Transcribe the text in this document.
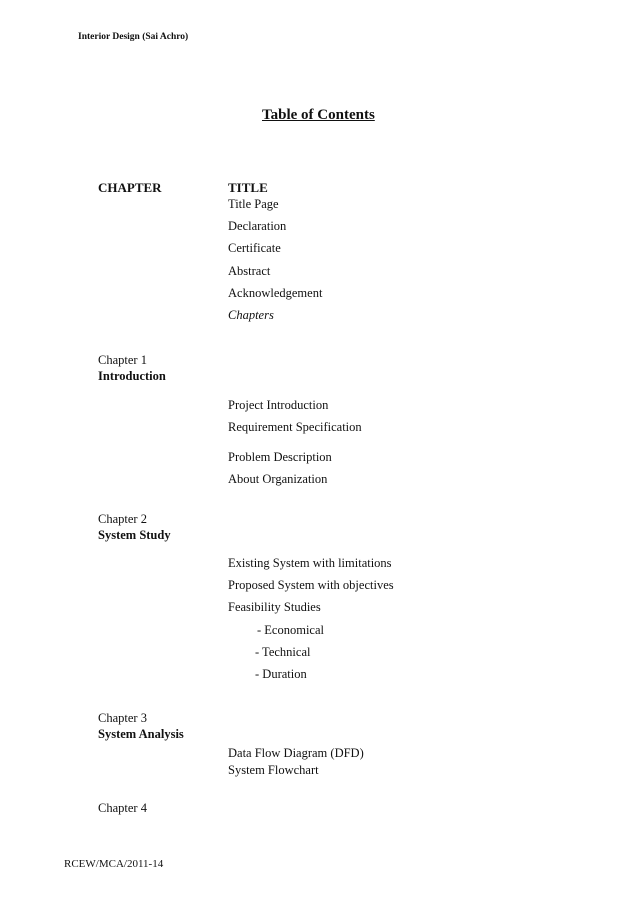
Interior Design (Sai Achro)
Table of Contents
CHAPTER	TITLE
Title Page
Declaration
Certificate
Abstract
Acknowledgement
Chapters
Chapter 1
Introduction
Project Introduction
Requirement Specification
Problem Description
About Organization
Chapter 2
System Study
Existing System with limitations
Proposed System with objectives
Feasibility Studies
- Economical
- Technical
- Duration
Chapter 3
System Analysis
Data Flow Diagram (DFD)
System Flowchart
Chapter 4
RCEW/MCA/2011-14
